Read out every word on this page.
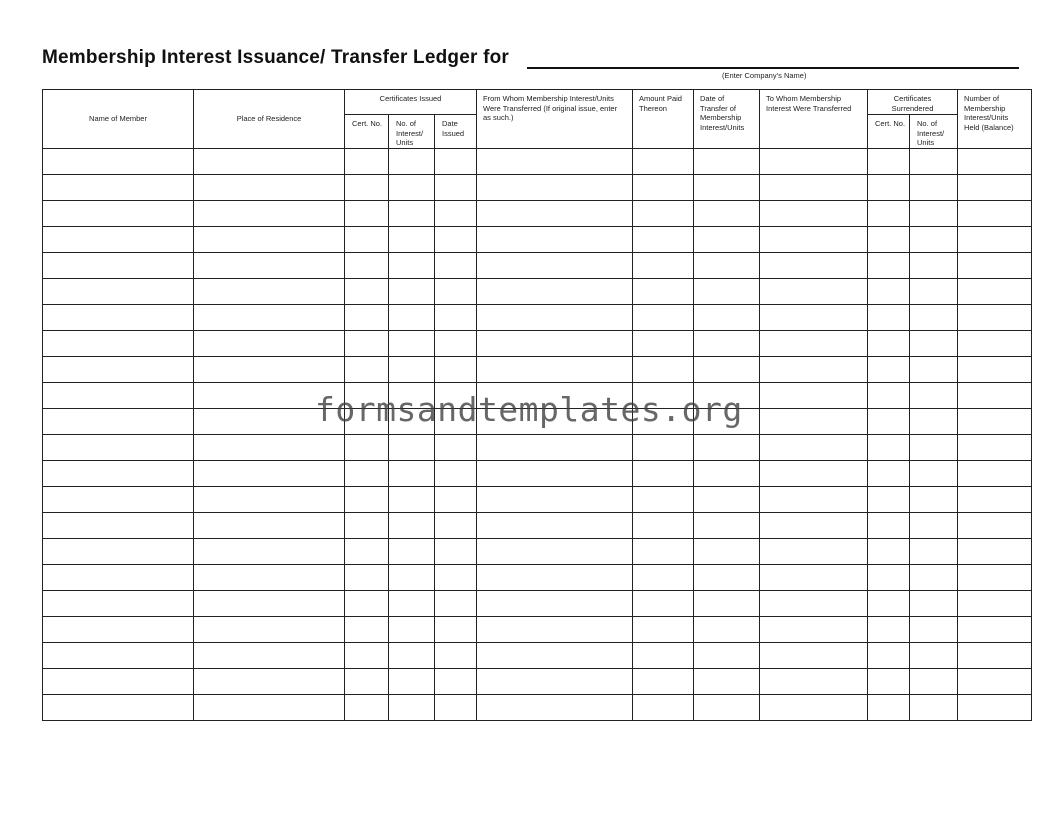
Membership Interest Issuance/ Transfer Ledger for
(Enter Company’s Name)
Name of Member	Place of Residence	Certificates Issued			From Whom Membership Interest/Units Were Transferred (If original issue, enter as such.)	Amount Paid Thereon	Date of Transfer of Membership Interest/Units	To Whom Membership Interest Were Transferred	Certificates Surrendered		Number of Membership Interest/Units Held (Balance)
		Cert. No.	No. of Interest/ Units	Date Issued					Cert. No.	No. of Interest/ Units	

formsandtemplates.org
